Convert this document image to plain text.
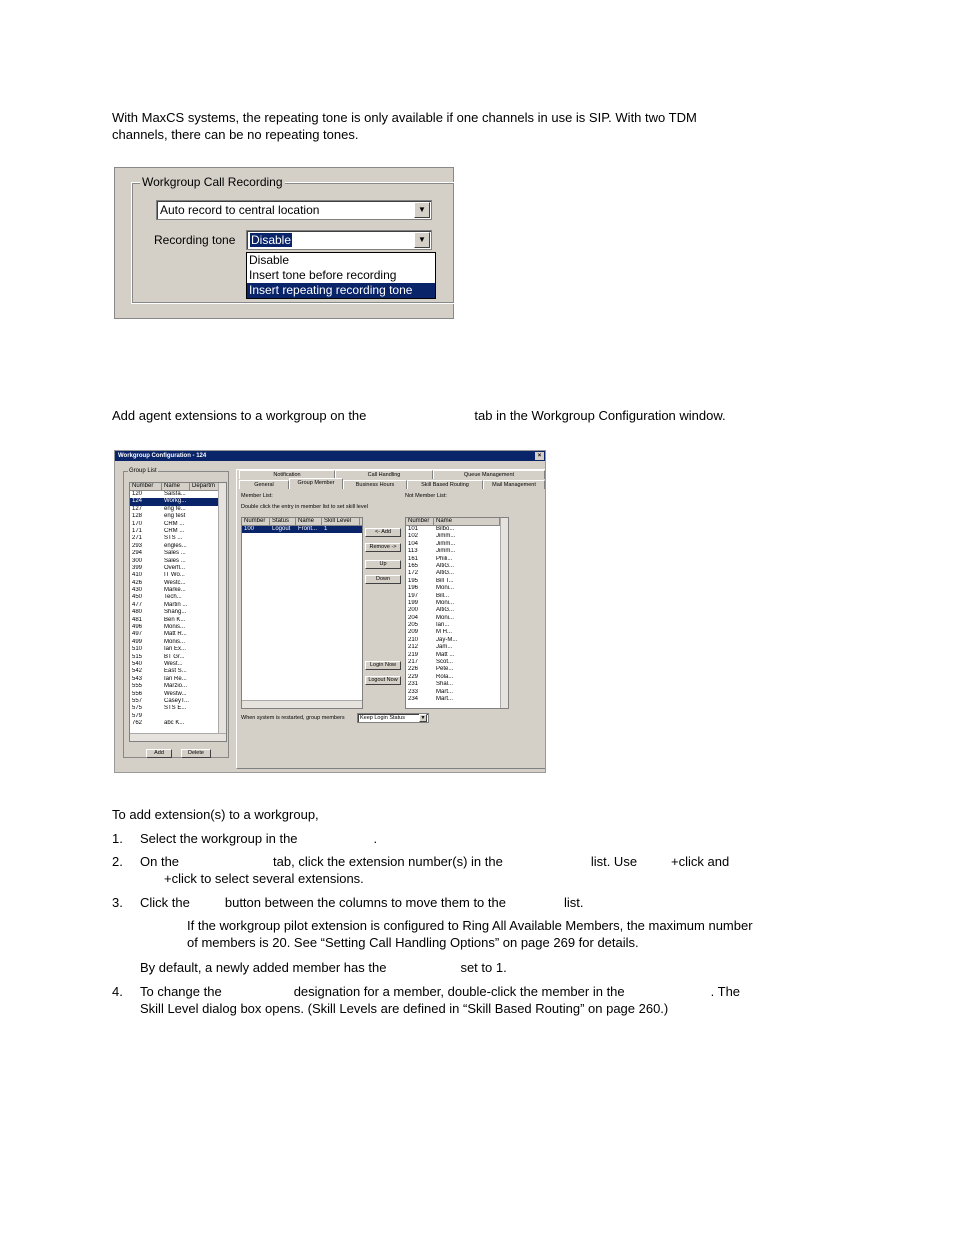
With MaxCS systems, the repeating tone is only available if one channels in use is SIP. With two TDM

channels, there can be no repeating tones.

Workgroup Call Recording
Auto record to central location	▼
Recording tone	Disable	▼
Disable
Insert tone before recording
Insert repeating recording tone

Add agent extensions to a workgroup on the	tab in the Workgroup Configuration window.

Workgroup Configuration - 124	×
Group List
Number	Name	Departm
120	Salsfa...
124	Workg...
127	eng fe...
128	eng test
170	CRM ...
171	CRM ...
271	STS ...
293	engles...
294	Sales ...
300	Sales ...
399	Overfl...
410	IT Wo...
426	Westc...
430	Marke...
450	Tech...
477	Martin ...
480	Shang...
481	Ben K...
496	Monis...
497	Matt R...
499	Monis...
510	Ian Ex...
515	BT Gr...
540	West...
542	East S...
543	Ian Re...
555	Marzio...
556	Westw...
557	CaseyT...
575	STS E...
579
762	abc K...
Add	Delete
Notification	Call Handling	Queue Management
General	Group Member	Business Hours	Skill Based Routing	Mail Management
Member List:
Double click the entry in member list to set skill level
Not Member List:
Number	Status	Name	Skill Level
100	Logout	Front...	1	<- Add
Remove ->
Up
Down
Login Now
Logout Now
Number	Name
101	Bilbo...
102	Jimm...
104	Jimm...
113	Jimm...
161	Phili...
165	AltiG...
172	AltiG...
195	Bill T...
196	Moni...
197	Bill...
199	Moni...
200	AltiG...
204	Moni...
205	Ian...
209	M H...
210	Jay-M...
212	Jam...
219	Matt ...
217	Scot...
226	Pete...
229	Rola...
231	Shal...
233	Mart...
234	Mart...
When system is restarted, group members	Keep Login Status	▼

To add extension(s) to a workgroup,

1. Select the workgroup in the	.
2. On the	tab, click the extension number(s) in the	list. Use	+click and
+click to select several extensions.
3. Click the	button between the columns to move them to the	list.
If the workgroup pilot extension is configured to Ring All Available Members, the maximum number
of members is 20. See “Setting Call Handling Options” on page 269 for details.

By default, a newly added member has the	set to 1.

4. To change the	designation for a member, double-click the member in the	. The
Skill Level dialog box opens. (Skill Levels are defined in “Skill Based Routing” on page 260.)
